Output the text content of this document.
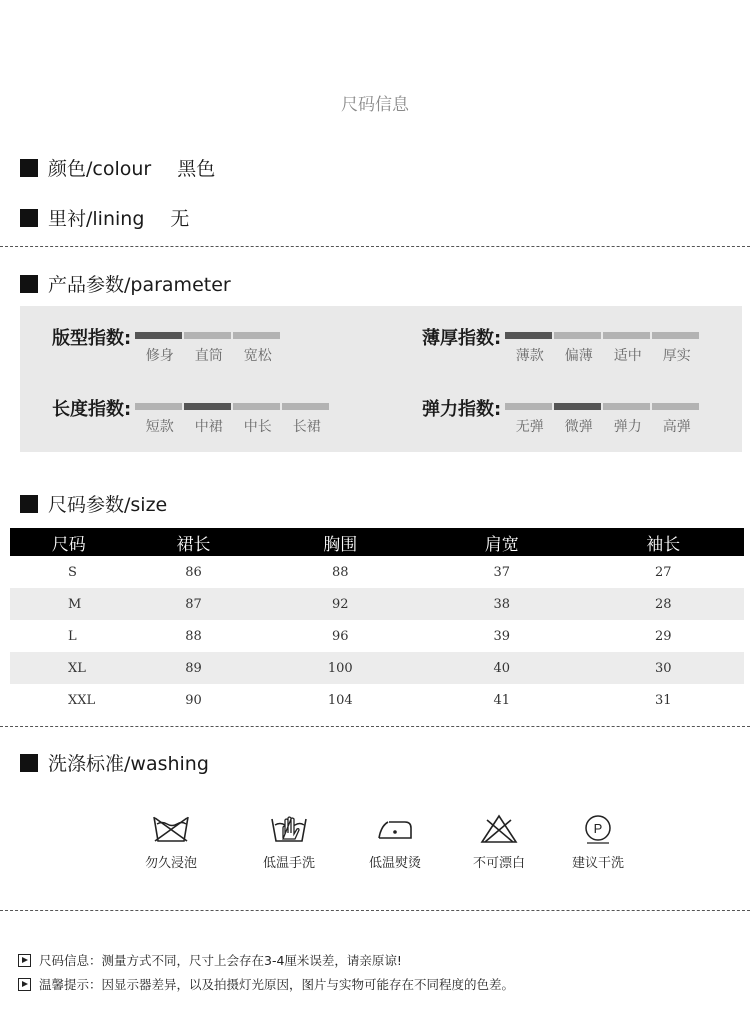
尺码信息
颜色/colour 黑色
里衬/lining 无
产品参数/parameter
版型指数:
修身	直筒	宽松
薄厚指数:
薄款	偏薄	适中	厚实
长度指数:
短款	中裙	中长	长裙
弹力指数:
无弹	微弹	弹力	高弹
尺码参数/size
尺码	裙长	胸围	肩宽	袖长
S	86	88	37	27
M	87	92	38	28
L	88	96	39	29
XL	89	100	40	30
XXL	90	104	41	31
洗涤标准/washing
勿久浸泡	低温手洗	低温熨烫	不可漂白
P
建议干洗
尺码信息：测量方式不同，尺寸上会存在3-4厘米误差，请亲原谅!
温馨提示：因显示器差异，以及拍摄灯光原因，图片与实物可能存在不同程度的色差。
